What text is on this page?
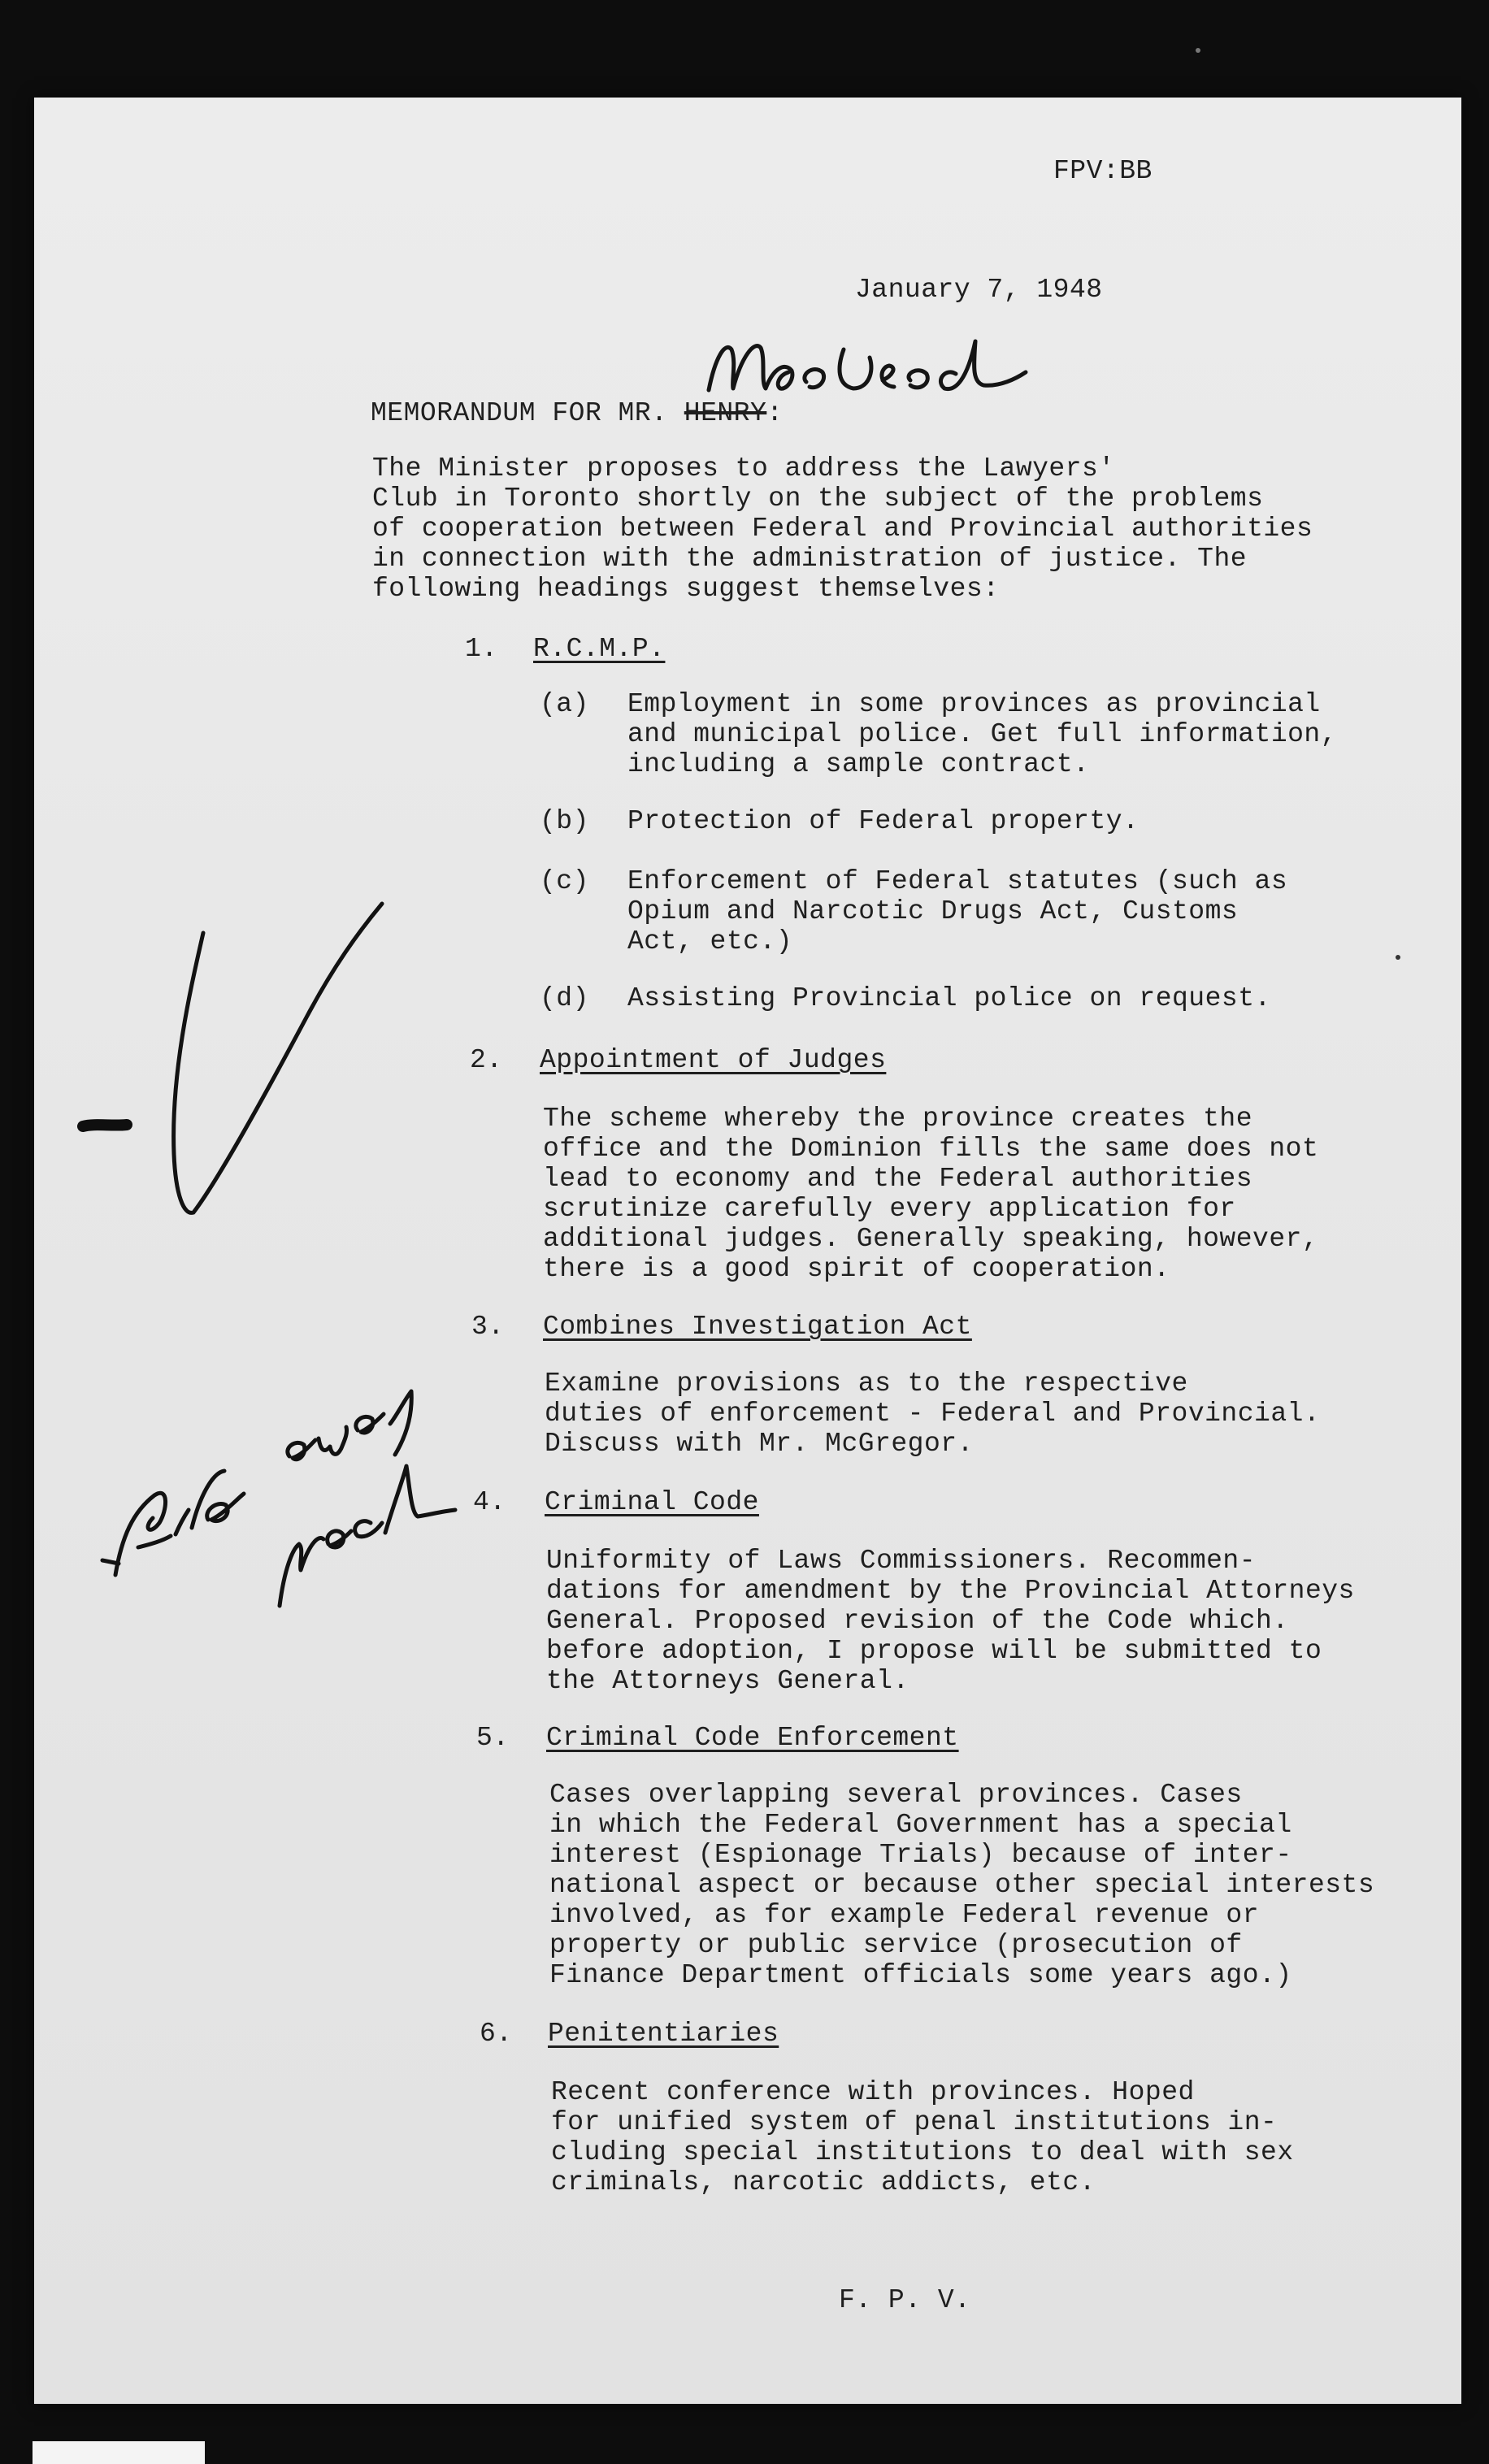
FPV:BB
January 7, 1948
MEMORANDUM FOR MR. HENRY:
The Minister proposes to address the Lawyers'
Club in Toronto shortly on the subject of the problems
of cooperation between Federal and Provincial authorities
in connection with the administration of justice. The
following headings suggest themselves:
1. R.C.M.P.
(a) Employment in some provinces as provincial
and municipal police. Get full information,
including a sample contract.
(b) Protection of Federal property.
(c) Enforcement of Federal statutes (such as
Opium and Narcotic Drugs Act, Customs
Act, etc.)
(d) Assisting Provincial police on request.
2. Appointment of Judges
The scheme whereby the province creates the
office and the Dominion fills the same does not
lead to economy and the Federal authorities
scrutinize carefully every application for
additional judges. Generally speaking, however,
there is a good spirit of cooperation.
3. Combines Investigation Act
Examine provisions as to the respective
duties of enforcement - Federal and Provincial.
Discuss with Mr. McGregor.
4. Criminal Code
Uniformity of Laws Commissioners. Recommen-
dations for amendment by the Provincial Attorneys
General. Proposed revision of the Code which.
before adoption, I propose will be submitted to
the Attorneys General.
5. Criminal Code Enforcement
Cases overlapping several provinces. Cases
in which the Federal Government has a special
interest (Espionage Trials) because of inter-
national aspect or because other special interests
involved, as for example Federal revenue or
property or public service (prosecution of
Finance Department officials some years ago.)
6. Penitentiaries
Recent conference with provinces. Hoped
for unified system of penal institutions in-
cluding special institutions to deal with sex
criminals, narcotic addicts, etc.
F. P. V.
